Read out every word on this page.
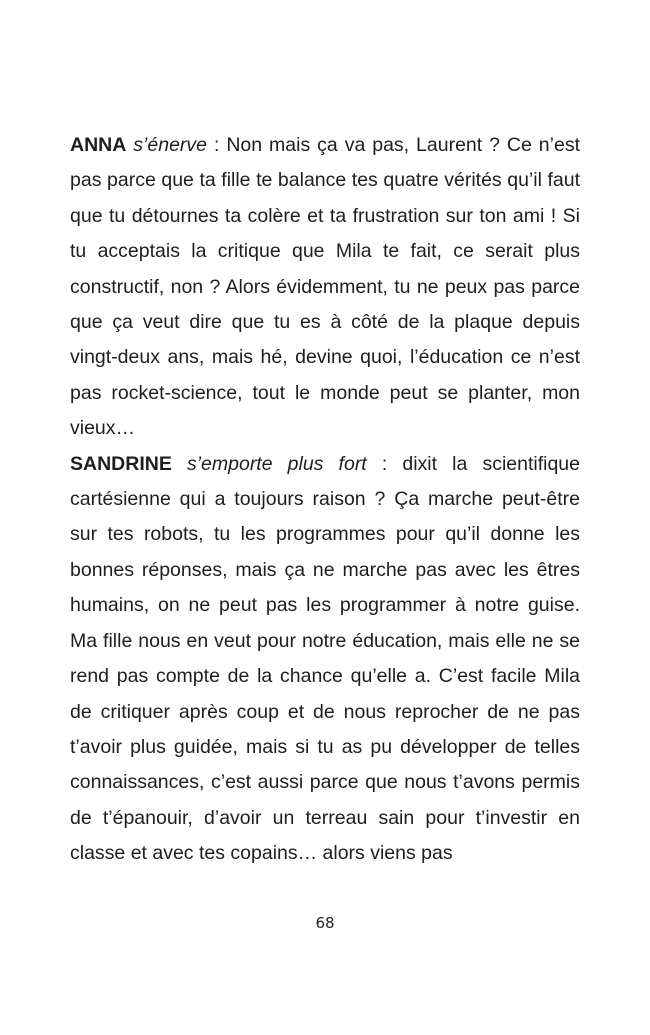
ANNA s’énerve : Non mais ça va pas, Laurent ? Ce n’est pas parce que ta fille te balance tes quatre vérités qu’il faut que tu détournes ta colère et ta frustration sur ton ami ! Si tu acceptais la critique que Mila te fait, ce serait plus constructif, non ? Alors évidemment, tu ne peux pas parce que ça veut dire que tu es à côté de la plaque depuis vingt-deux ans, mais hé, devine quoi, l’éducation ce n’est pas rocket-science, tout le monde peut se planter, mon vieux…

SANDRINE s’emporte plus fort : dixit la scientifique cartésienne qui a toujours raison ? Ça marche peut-être sur tes robots, tu les programmes pour qu’il donne les bonnes réponses, mais ça ne marche pas avec les êtres humains, on ne peut pas les programmer à notre guise. Ma fille nous en veut pour notre éducation, mais elle ne se rend pas compte de la chance qu’elle a. C’est facile Mila de critiquer après coup et de nous reprocher de ne pas t’avoir plus guidée, mais si tu as pu développer de telles connaissances, c’est aussi parce que nous t’avons permis de t’épanouir, d’avoir un terreau sain pour t’investir en classe et avec tes copains… alors viens pas

68
